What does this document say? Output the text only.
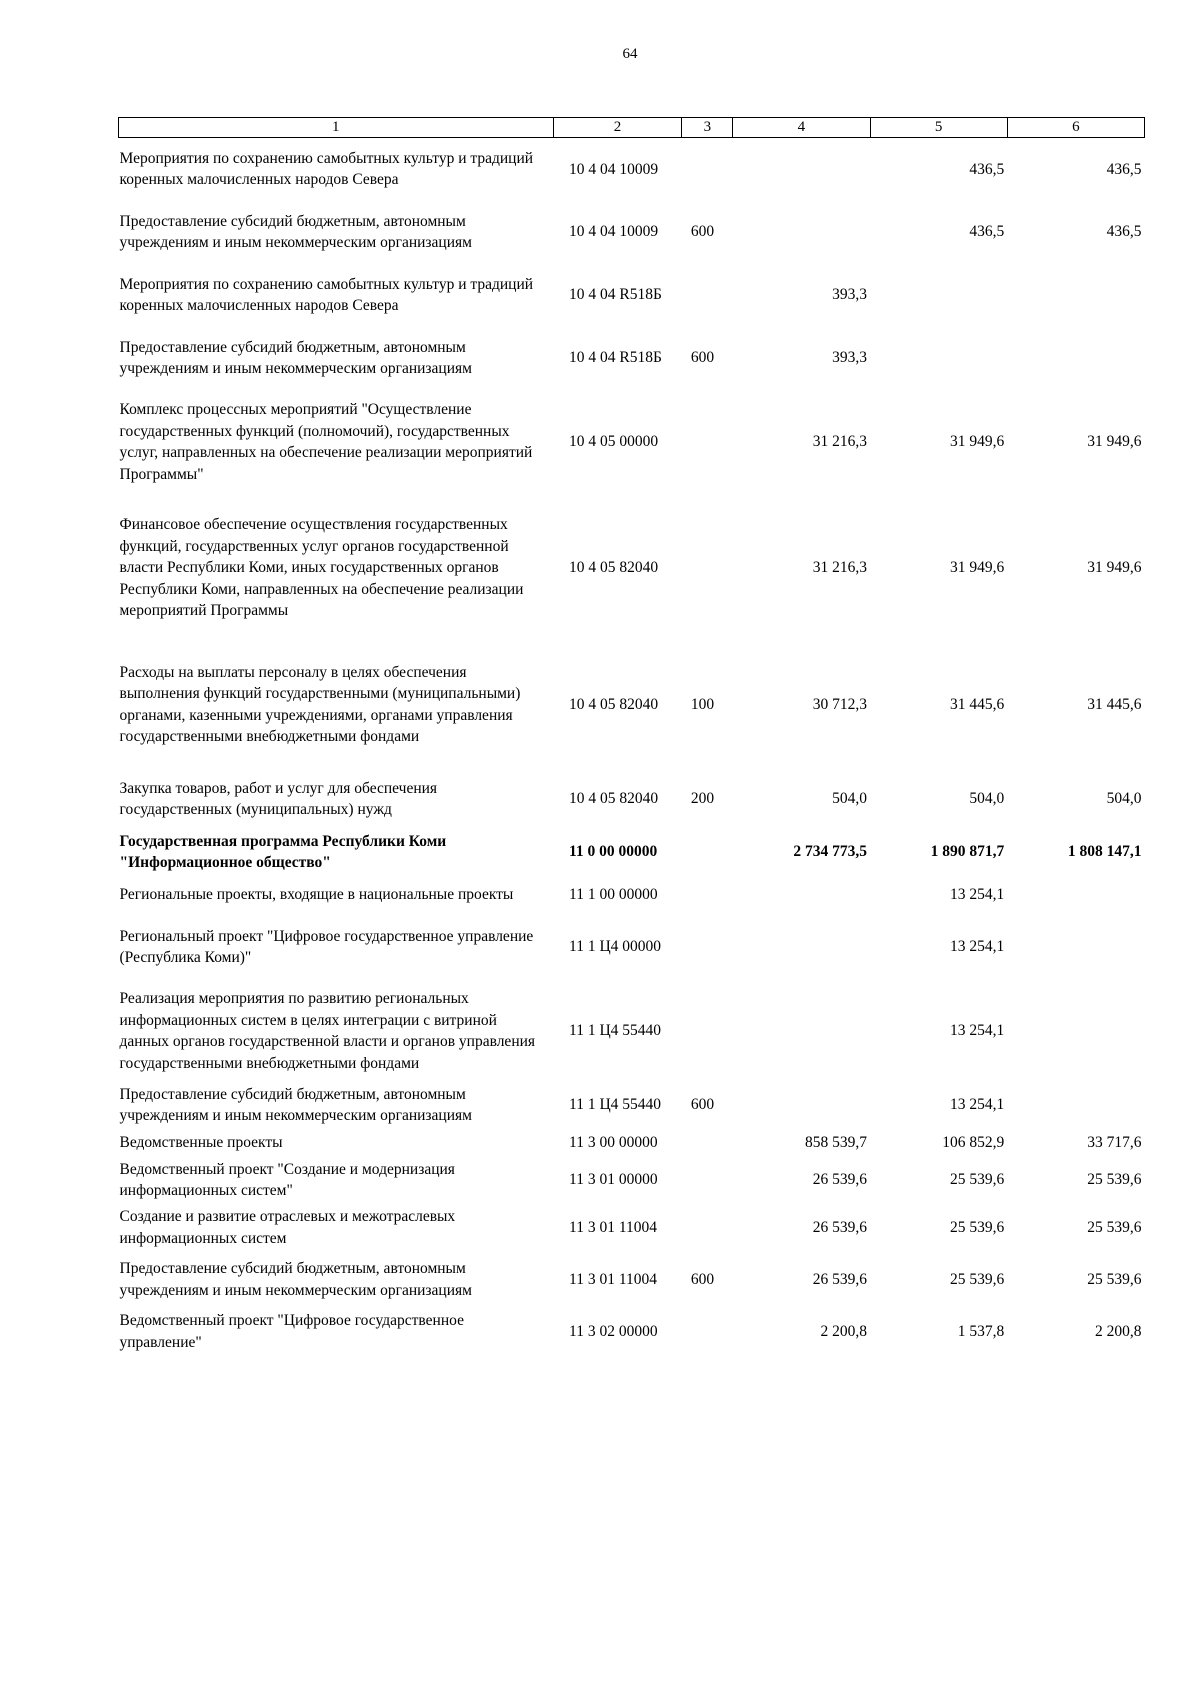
64
1	2	3	4	5	6
Мероприятия по сохранению самобытных культур и традиций коренных малочисленных народов Севера	10 4 04 10009			436,5	436,5
Предоставление субсидий бюджетным, автономным учреждениям и иным некоммерческим организациям	10 4 04 10009	600		436,5	436,5
Мероприятия по сохранению самобытных культур и традиций коренных малочисленных народов Севера	10 4 04 R518Б		393,3		
Предоставление субсидий бюджетным, автономным учреждениям и иным некоммерческим организациям	10 4 04 R518Б	600	393,3		
Комплекс процессных мероприятий "Осуществление государственных функций (полномочий), государственных услуг, направленных на обеспечение реализации мероприятий Программы"	10 4 05 00000		31 216,3	31 949,6	31 949,6
Финансовое обеспечение осуществления государственных функций, государственных услуг органов государственной власти Республики Коми, иных государственных органов Республики Коми, направленных на обеспечение реализации мероприятий Программы	10 4 05 82040		31 216,3	31 949,6	31 949,6
Расходы на выплаты персоналу в целях обеспечения выполнения функций государственными (муниципальными) органами, казенными учреждениями, органами управления государственными внебюджетными фондами	10 4 05 82040	100	30 712,3	31 445,6	31 445,6
Закупка товаров, работ и услуг для обеспечения государственных (муниципальных) нужд	10 4 05 82040	200	504,0	504,0	504,0
Государственная программа Республики Коми "Информационное общество"	11 0 00 00000		2 734 773,5	1 890 871,7	1 808 147,1
Региональные проекты, входящие в национальные проекты	11 1 00 00000			13 254,1	
Региональный проект "Цифровое государственное управление (Республика Коми)"	11 1 Ц4 00000			13 254,1	
Реализация мероприятия по развитию региональных информационных систем в целях интеграции с витриной данных органов государственной власти и органов управления государственными внебюджетными фондами	11 1 Ц4 55440			13 254,1	
Предоставление субсидий бюджетным, автономным учреждениям и иным некоммерческим организациям	11 1 Ц4 55440	600		13 254,1	
Ведомственные проекты	11 3 00 00000		858 539,7	106 852,9	33 717,6
Ведомственный проект "Создание и модернизация информационных систем"	11 3 01 00000		26 539,6	25 539,6	25 539,6
Создание и развитие отраслевых и межотраслевых информационных систем	11 3 01 11004		26 539,6	25 539,6	25 539,6
Предоставление субсидий бюджетным, автономным учреждениям и иным некоммерческим организациям	11 3 01 11004	600	26 539,6	25 539,6	25 539,6
Ведомственный проект "Цифровое государственное управление"	11 3 02 00000		2 200,8	1 537,8	2 200,8
